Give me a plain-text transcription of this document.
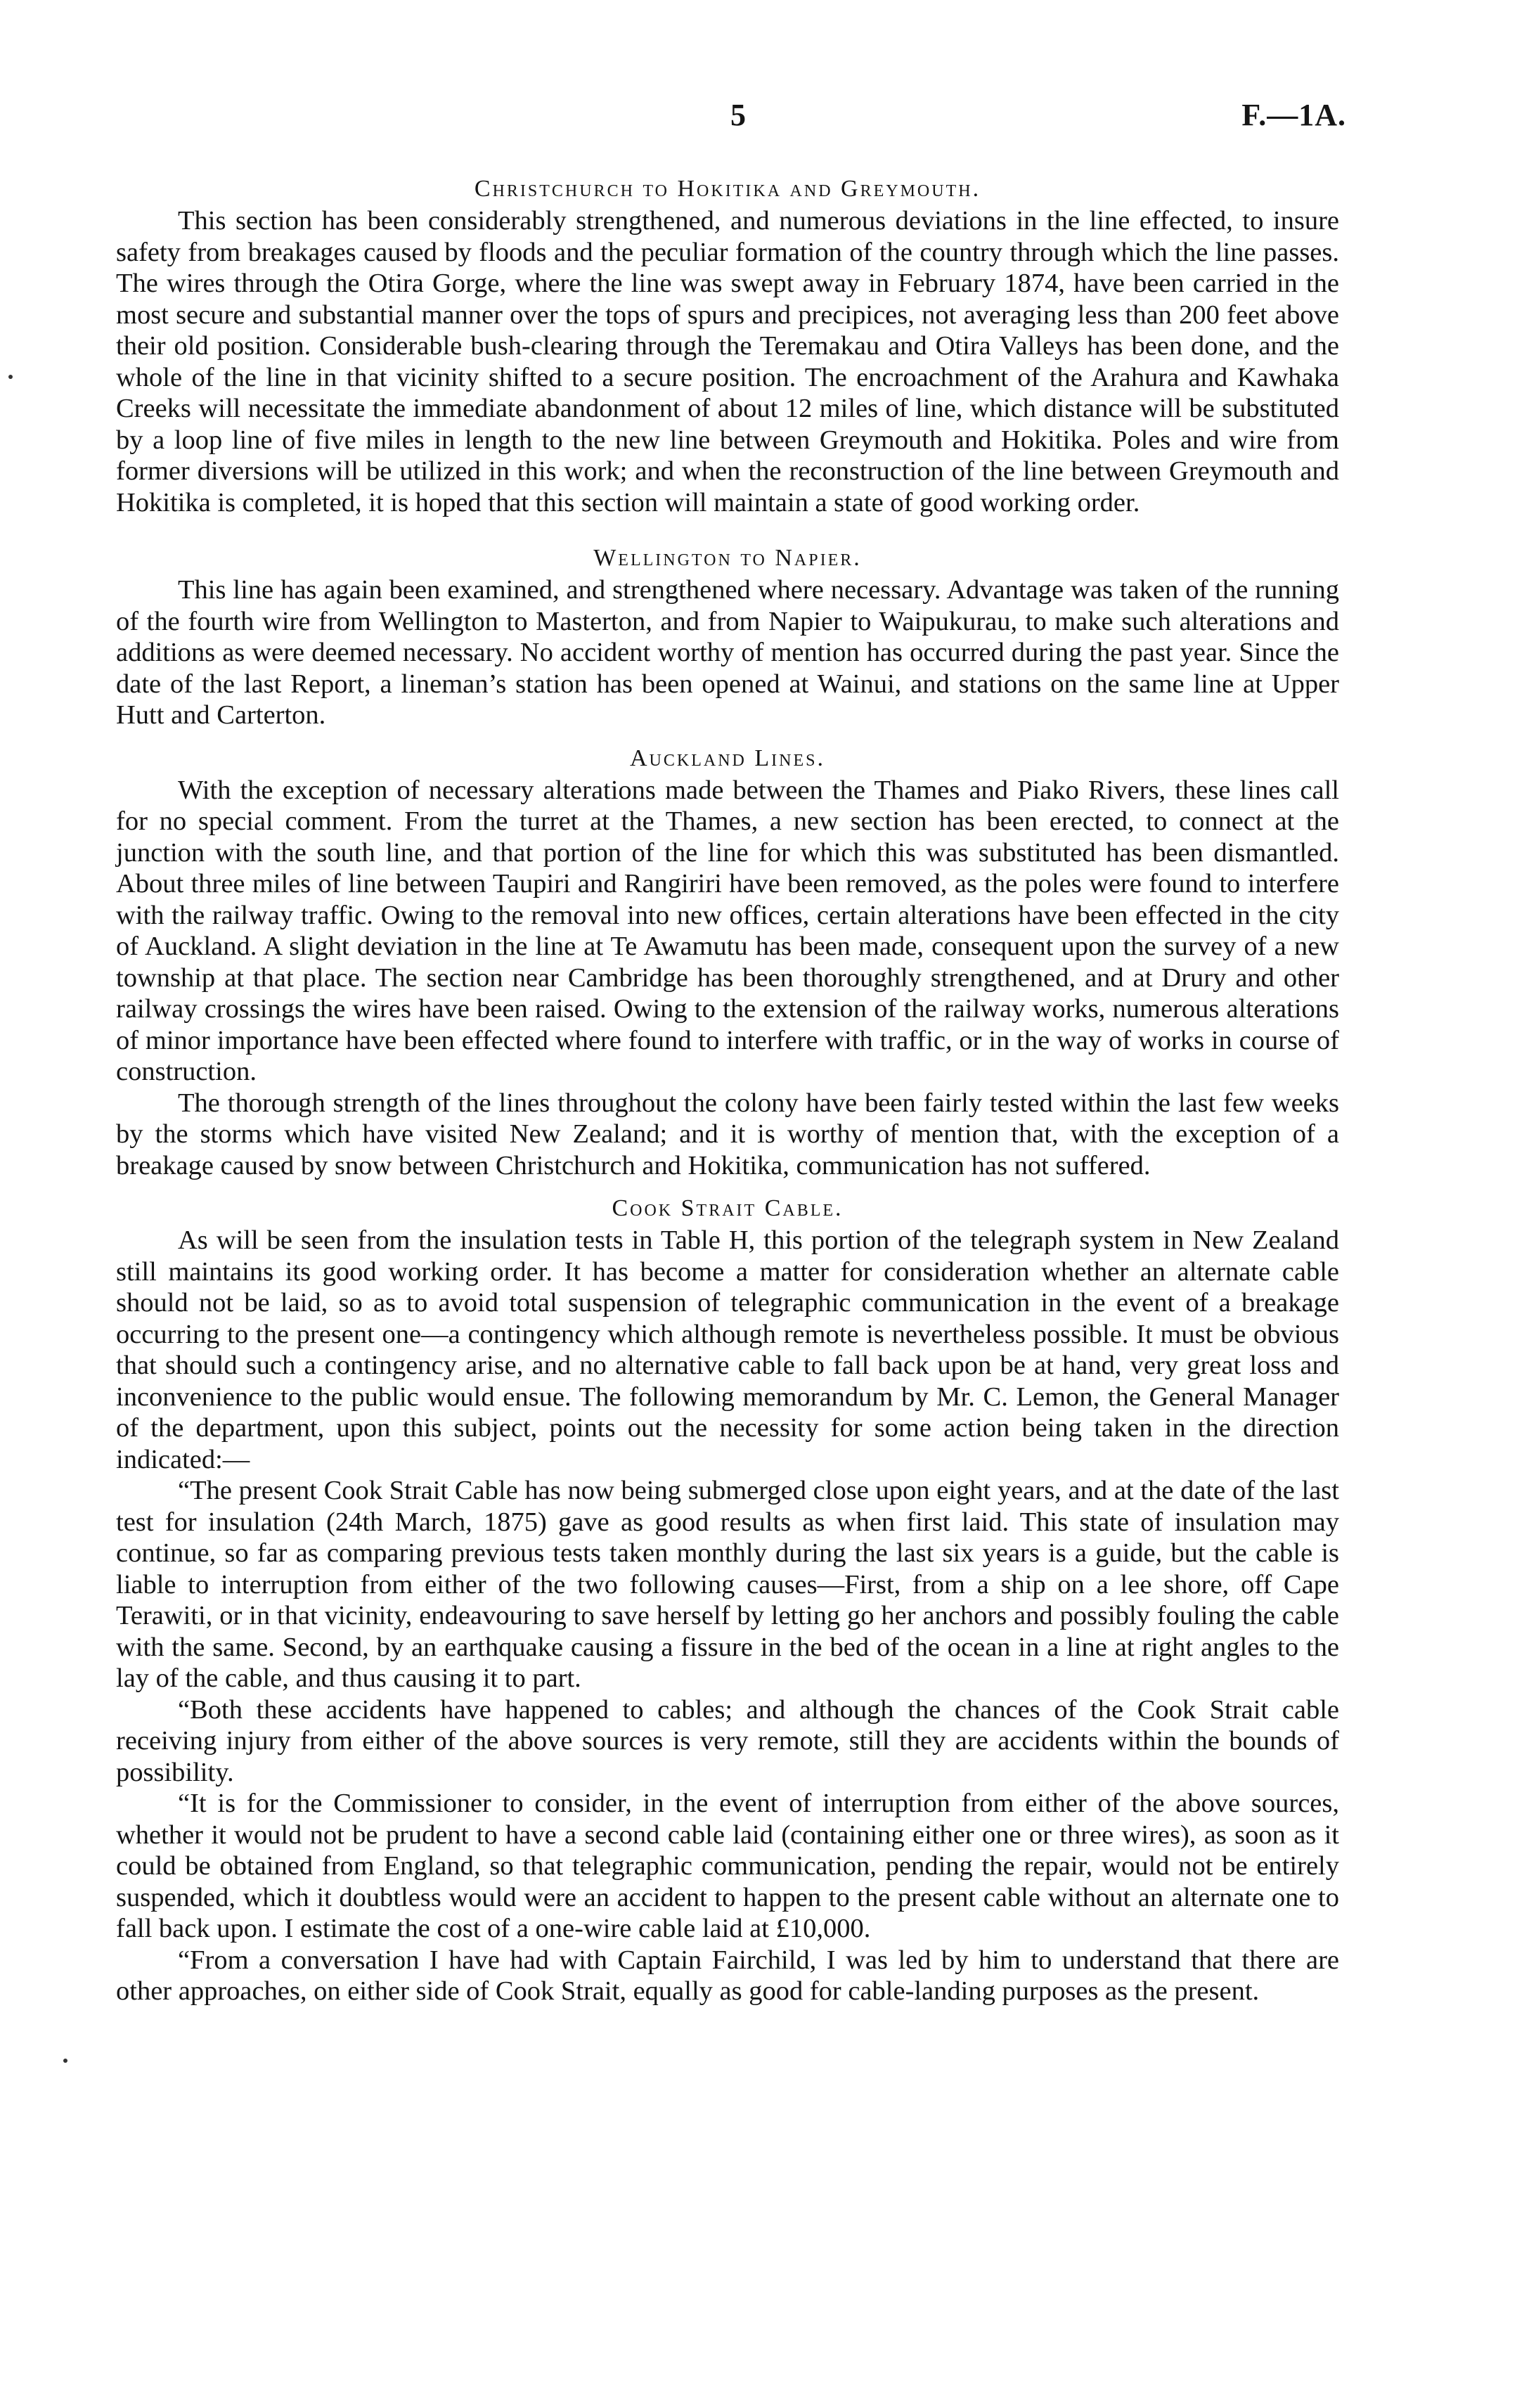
5	F.—1A.
Christchurch to Hokitika and Greymouth.

This section has been considerably strengthened, and numerous deviations in the line effected, to insure safety from breakages caused by floods and the peculiar formation of the country through which the line passes. The wires through the Otira Gorge, where the line was swept away in February 1874, have been carried in the most secure and substantial manner over the tops of spurs and precipices, not averaging less than 200 feet above their old position. Considerable bush-clearing through the Teremakau and Otira Valleys has been done, and the whole of the line in that vicinity shifted to a secure position. The encroachment of the Arahura and Kawhaka Creeks will necessitate the immediate abandonment of about 12 miles of line, which distance will be substituted by a loop line of five miles in length to the new line between Greymouth and Hokitika. Poles and wire from former diversions will be utilized in this work; and when the reconstruction of the line between Greymouth and Hokitika is completed, it is hoped that this section will maintain a state of good working order.

Wellington to Napier.

This line has again been examined, and strengthened where necessary. Advantage was taken of the running of the fourth wire from Wellington to Masterton, and from Napier to Waipukurau, to make such alterations and additions as were deemed necessary. No accident worthy of mention has occurred during the past year. Since the date of the last Report, a lineman’s station has been opened at Wainui, and stations on the same line at Upper Hutt and Carterton.

Auckland Lines.

With the exception of necessary alterations made between the Thames and Piako Rivers, these lines call for no special comment. From the turret at the Thames, a new section has been erected, to connect at the junction with the south line, and that portion of the line for which this was substituted has been dismantled. About three miles of line between Taupiri and Rangiriri have been removed, as the poles were found to interfere with the railway traffic. Owing to the removal into new offices, certain alterations have been effected in the city of Auckland. A slight deviation in the line at Te Awamutu has been made, consequent upon the survey of a new township at that place. The section near Cambridge has been thoroughly strengthened, and at Drury and other railway crossings the wires have been raised. Owing to the extension of the railway works, numerous alterations of minor importance have been effected where found to interfere with traffic, or in the way of works in course of construction.

The thorough strength of the lines throughout the colony have been fairly tested within the last few weeks by the storms which have visited New Zealand; and it is worthy of mention that, with the exception of a breakage caused by snow between Christchurch and Hokitika, communication has not suffered.

Cook Strait Cable.

As will be seen from the insulation tests in Table H, this portion of the telegraph system in New Zealand still maintains its good working order. It has become a matter for consideration whether an alternate cable should not be laid, so as to avoid total suspension of telegraphic communication in the event of a breakage occurring to the present one—a contingency which although remote is nevertheless possible. It must be obvious that should such a contingency arise, and no alternative cable to fall back upon be at hand, very great loss and inconvenience to the public would ensue. The following memorandum by Mr. C. Lemon, the General Manager of the department, upon this subject, points out the necessity for some action being taken in the direction indicated:—

“The present Cook Strait Cable has now being submerged close upon eight years, and at the date of the last test for insulation (24th March, 1875) gave as good results as when first laid. This state of insulation may continue, so far as comparing previous tests taken monthly during the last six years is a guide, but the cable is liable to interruption from either of the two following causes—First, from a ship on a lee shore, off Cape Terawiti, or in that vicinity, endeavouring to save herself by letting go her anchors and possibly fouling the cable with the same. Second, by an earthquake causing a fissure in the bed of the ocean in a line at right angles to the lay of the cable, and thus causing it to part.

“Both these accidents have happened to cables; and although the chances of the Cook Strait cable receiving injury from either of the above sources is very remote, still they are accidents within the bounds of possibility.

“It is for the Commissioner to consider, in the event of interruption from either of the above sources, whether it would not be prudent to have a second cable laid (containing either one or three wires), as soon as it could be obtained from England, so that telegraphic communication, pending the repair, would not be entirely suspended, which it doubtless would were an accident to happen to the present cable without an alternate one to fall back upon. I estimate the cost of a one-wire cable laid at £10,000.

“From a conversation I have had with Captain Fairchild, I was led by him to understand that there are other approaches, on either side of Cook Strait, equally as good for cable-landing purposes as the present.
